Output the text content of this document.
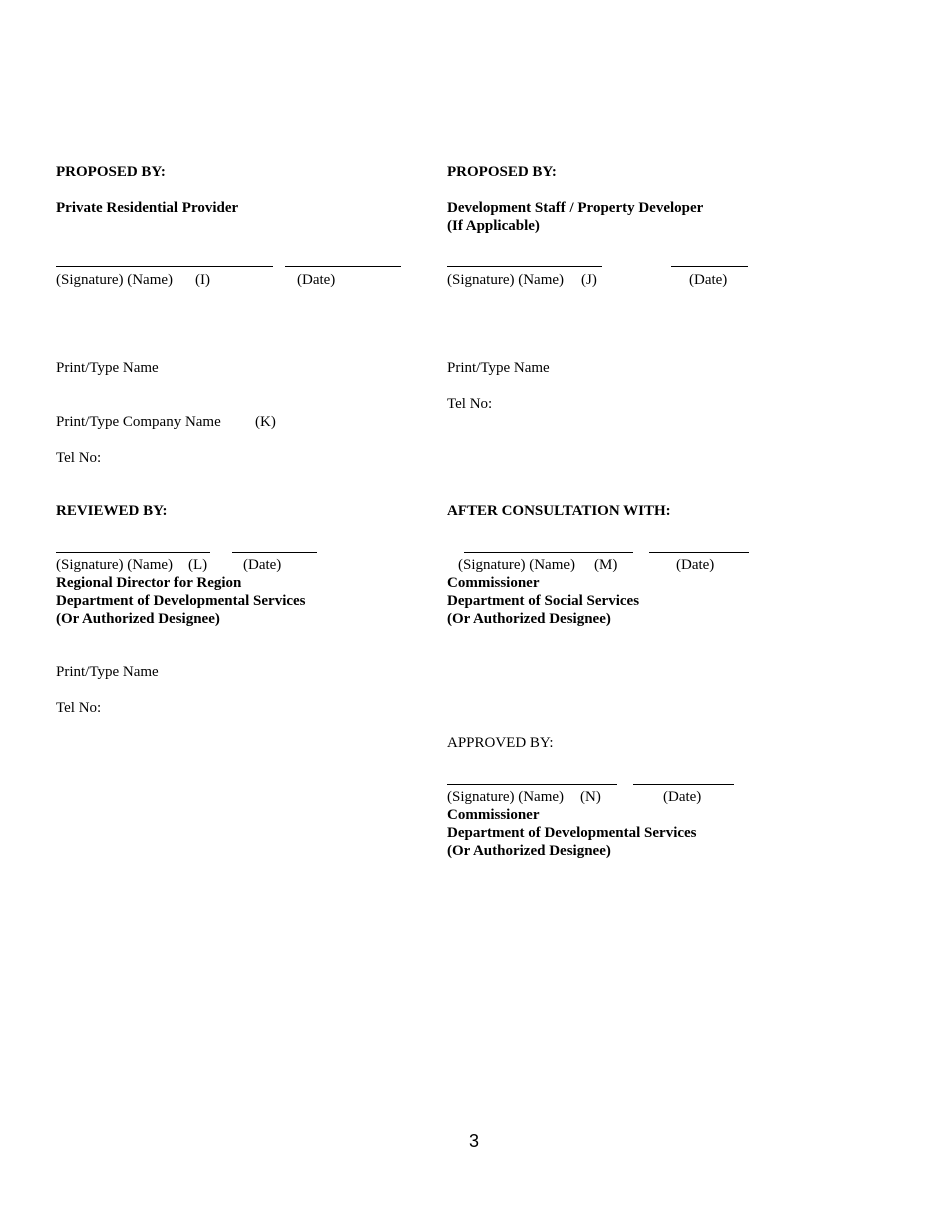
PROPOSED BY:
Private Residential Provider
(Signature) (Name) (I)	(Date)
Print/Type Name
Print/Type Company Name (K)
Tel No:
PROPOSED BY:
Development Staff / Property Developer
(If Applicable)
(Signature) (Name) (J)	(Date)
Print/Type Name
Tel No:
REVIEWED BY:
(Signature) (Name) (L) (Date)
Regional Director for Region
Department of Developmental Services
(Or Authorized Designee)
Print/Type Name
Tel No:
AFTER CONSULTATION WITH:
(Signature) (Name) (M)	(Date)
Commissioner
Department of Social Services
(Or Authorized Designee)
APPROVED BY:
(Signature) (Name) (N)	(Date)
Commissioner
Department of Developmental Services
(Or Authorized Designee)
3
